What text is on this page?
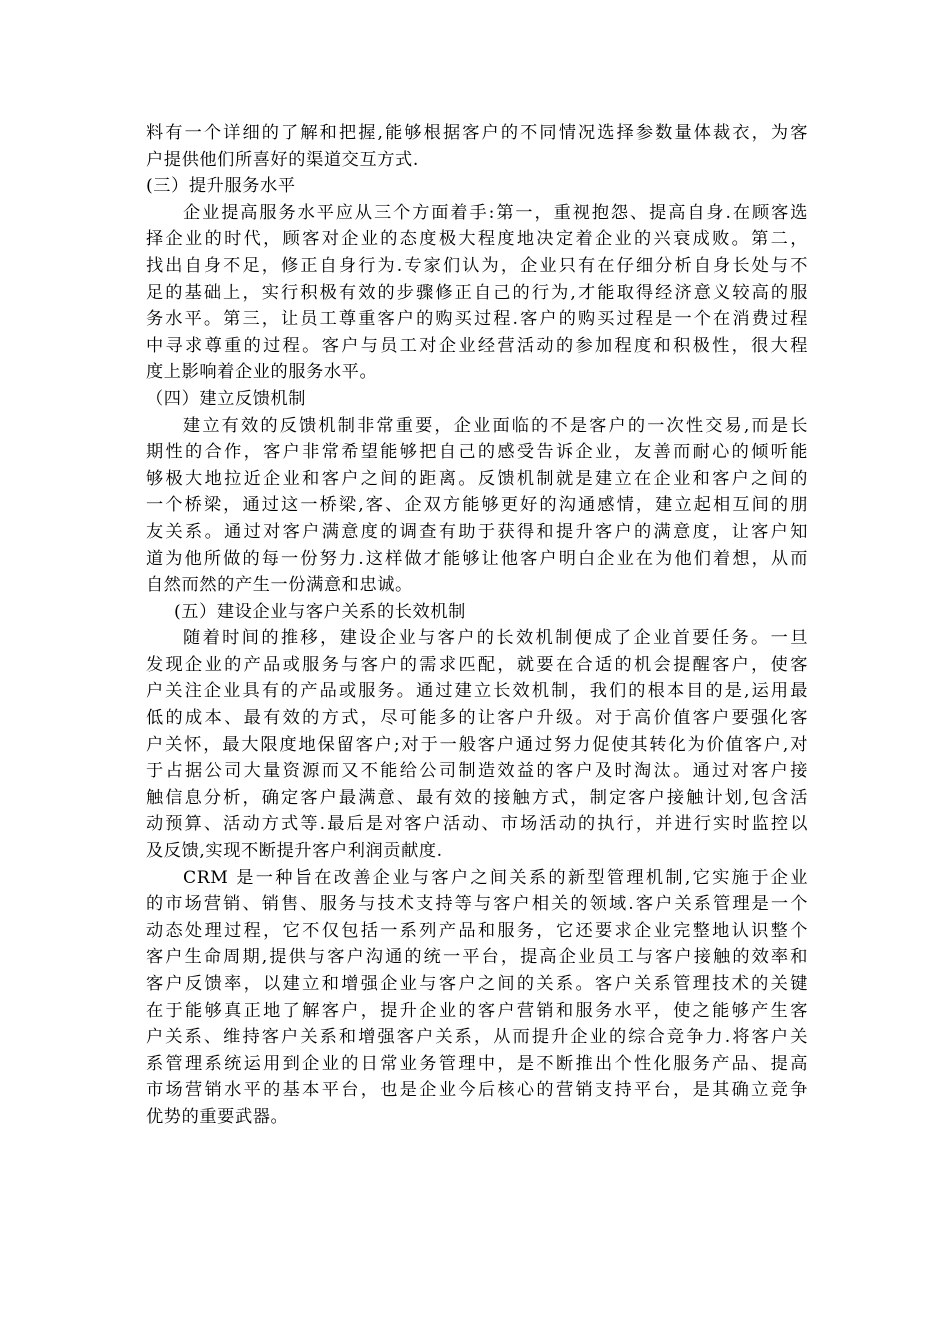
料有一个详细的了解和把握,能够根据客户的不同情况选择参数量体裁衣，为客
户提供他们所喜好的渠道交互方式.
(三）提升服务水平
企业提高服务水平应从三个方面着手:第一，重视抱怨、提高自身.在顾客选
择企业的时代，顾客对企业的态度极大程度地决定着企业的兴衰成败。第二，
找出自身不足，修正自身行为.专家们认为，企业只有在仔细分析自身长处与不
足的基础上，实行积极有效的步骤修正自己的行为,才能取得经济意义较高的服
务水平。第三，让员工尊重客户的购买过程.客户的购买过程是一个在消费过程
中寻求尊重的过程。客户与员工对企业经营活动的参加程度和积极性，很大程
度上影响着企业的服务水平。
（四）建立反馈机制
建立有效的反馈机制非常重要，企业面临的不是客户的一次性交易,而是长
期性的合作，客户非常希望能够把自己的感受告诉企业，友善而耐心的倾听能
够极大地拉近企业和客户之间的距离。反馈机制就是建立在企业和客户之间的
一个桥梁，通过这一桥梁,客、企双方能够更好的沟通感情，建立起相互间的朋
友关系。通过对客户满意度的调查有助于获得和提升客户的满意度，让客户知
道为他所做的每一份努力.这样做才能够让他客户明白企业在为他们着想，从而
自然而然的产生一份满意和忠诚。
(五）建设企业与客户关系的长效机制
随着时间的推移，建设企业与客户的长效机制便成了企业首要任务。一旦
发现企业的产品或服务与客户的需求匹配，就要在合适的机会提醒客户，使客
户关注企业具有的产品或服务。通过建立长效机制，我们的根本目的是,运用最
低的成本、最有效的方式，尽可能多的让客户升级。对于高价值客户要强化客
户关怀，最大限度地保留客户;对于一般客户通过努力促使其转化为价值客户,对
于占据公司大量资源而又不能给公司制造效益的客户及时淘汰。通过对客户接
触信息分析，确定客户最满意、最有效的接触方式，制定客户接触计划,包含活
动预算、活动方式等.最后是对客户活动、市场活动的执行，并进行实时监控以
及反馈,实现不断提升客户利润贡献度.
CRM 是一种旨在改善企业与客户之间关系的新型管理机制,它实施于企业
的市场营销、销售、服务与技术支持等与客户相关的领域.客户关系管理是一个
动态处理过程，它不仅包括一系列产品和服务，它还要求企业完整地认识整个
客户生命周期,提供与客户沟通的统一平台，提高企业员工与客户接触的效率和
客户反馈率，以建立和增强企业与客户之间的关系。客户关系管理技术的关键
在于能够真正地了解客户，提升企业的客户营销和服务水平，使之能够产生客
户关系、维持客户关系和增强客户关系，从而提升企业的综合竞争力.将客户关
系管理系统运用到企业的日常业务管理中，是不断推出个性化服务产品、提高
市场营销水平的基本平台，也是企业今后核心的营销支持平台，是其确立竞争
优势的重要武器。
